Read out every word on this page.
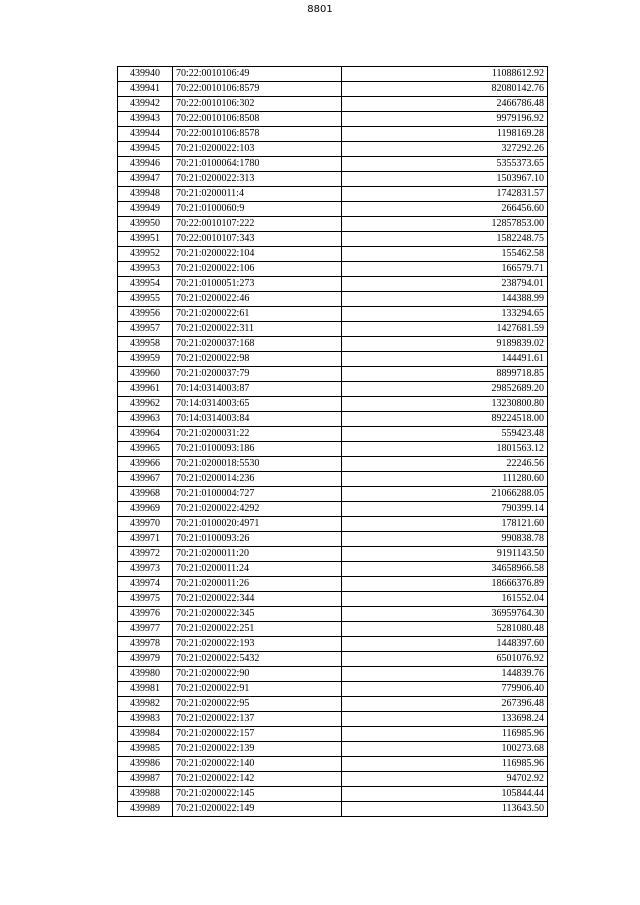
8801
439940	70:22:0010106:49	11088612.92
439941	70:22:0010106:8579	82080142.76
439942	70:22:0010106:302	2466786.48
439943	70:22:0010106:8508	9979196.92
439944	70:22:0010106:8578	1198169.28
439945	70:21:0200022:103	327292.26
439946	70:21:0100064:1780	5355373.65
439947	70:21:0200022:313	1503967.10
439948	70:21:0200011:4	1742831.57
439949	70:21:0100060:9	266456.60
439950	70:22:0010107:222	12857853.00
439951	70:22:0010107:343	1582248.75
439952	70:21:0200022:104	155462.58
439953	70:21:0200022:106	166579.71
439954	70:21:0100051:273	238794.01
439955	70:21:0200022:46	144388.99
439956	70:21:0200022:61	133294.65
439957	70:21:0200022:311	1427681.59
439958	70:21:0200037:168	9189839.02
439959	70:21:0200022:98	144491.61
439960	70:21:0200037:79	8899718.85
439961	70:14:0314003:87	29852689.20
439962	70:14:0314003:65	13230800.80
439963	70:14:0314003:84	89224518.00
439964	70:21:0200031:22	559423.48
439965	70:21:0100093:186	1801563.12
439966	70:21:0200018:5530	22246.56
439967	70:21:0200014:236	111280.60
439968	70:21:0100004:727	21066288.05
439969	70:21:0200022:4292	790399.14
439970	70:21:0100020:4971	178121.60
439971	70:21:0100093:26	990838.78
439972	70:21:0200011:20	9191143.50
439973	70:21:0200011:24	34658966.58
439974	70:21:0200011:26	18666376.89
439975	70:21:0200022:344	161552.04
439976	70:21:0200022:345	36959764.30
439977	70:21:0200022:251	5281080.48
439978	70:21:0200022:193	1448397.60
439979	70:21:0200022:5432	6501076.92
439980	70:21:0200022:90	144839.76
439981	70:21:0200022:91	779906.40
439982	70:21:0200022:95	267396.48
439983	70:21:0200022:137	133698.24
439984	70:21:0200022:157	116985.96
439985	70:21:0200022:139	100273.68
439986	70:21:0200022:140	116985.96
439987	70:21:0200022:142	94702.92
439988	70:21:0200022:145	105844.44
439989	70:21:0200022:149	113643.50
